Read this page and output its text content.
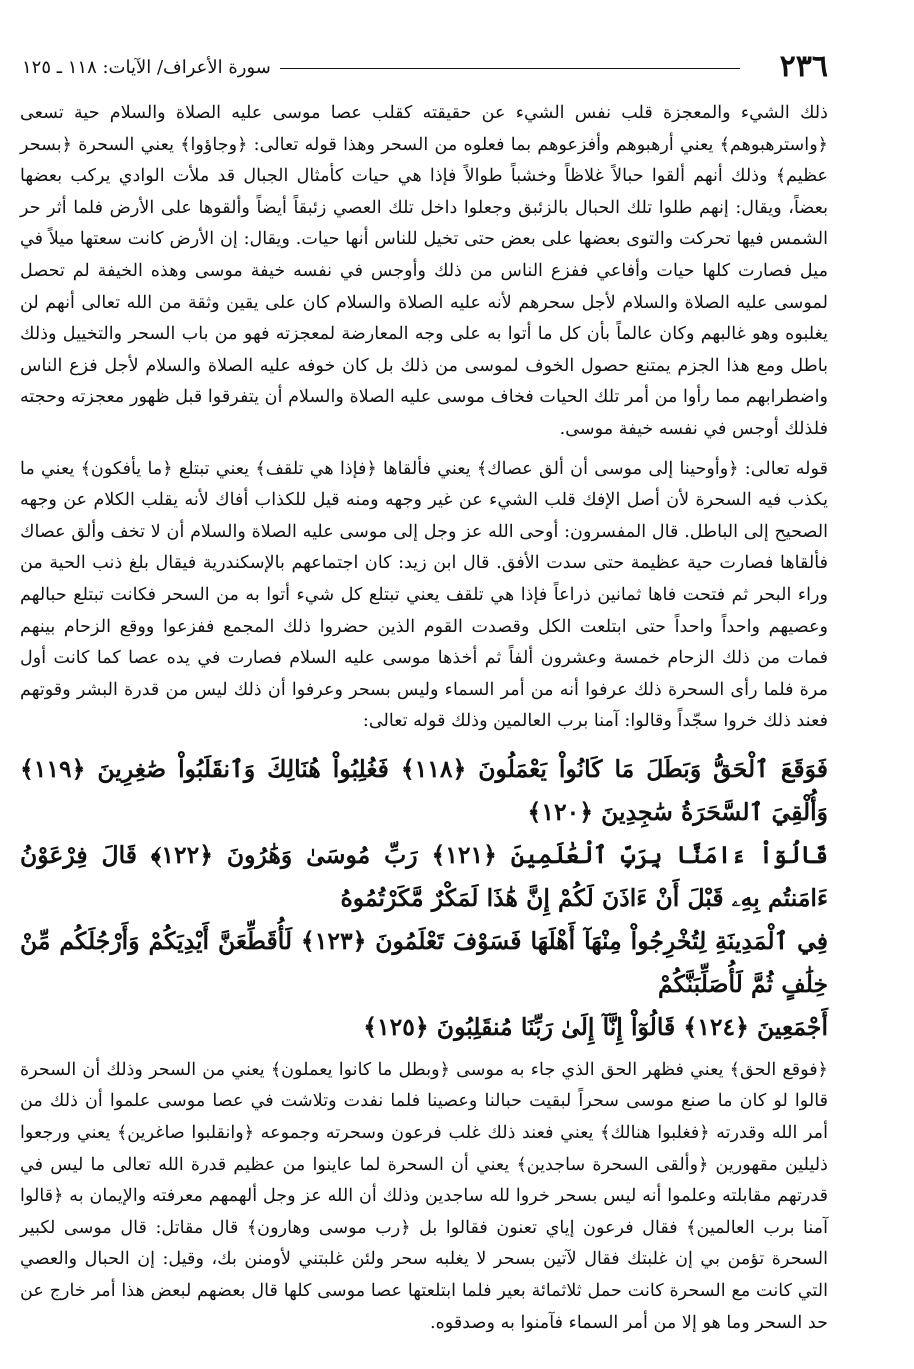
٢٣٦
سورة الأعراف/ الآيات: ١١٨ ـ ١٢٥

ذلك الشيء والمعجزة قلب نفس الشيء عن حقيقته كقلب عصا موسى عليه الصلاة والسلام حية تسعى ﴿واسترهبوهم﴾ يعني أرهبوهم وأفزعوهم بما فعلوه من السحر وهذا قوله تعالى: ﴿وجاؤوا﴾ يعني السحرة ﴿بسحر عظيم﴾ وذلك أنهم ألقوا حبالاً غلاظاً وخشباً طوالاً فإذا هي حيات كأمثال الجبال قد ملأت الوادي يركب بعضها بعضاً، ويقال: إنهم طلوا تلك الحبال بالزئبق وجعلوا داخل تلك العصي زئبقاً أيضاً وألقوها على الأرض فلما أثر حر الشمس فيها تحركت والتوى بعضها على بعض حتى تخيل للناس أنها حيات. ويقال: إن الأرض كانت سعتها ميلاً في ميل فصارت كلها حيات وأفاعي ففزع الناس من ذلك وأوجس في نفسه خيفة موسى وهذه الخيفة لم تحصل لموسى عليه الصلاة والسلام لأجل سحرهم لأنه عليه الصلاة والسلام كان على يقين وثقة من الله تعالى أنهم لن يغلبوه وهو غالبهم وكان عالماً بأن كل ما أتوا به على وجه المعارضة لمعجزته فهو من باب السحر والتخييل وذلك باطل ومع هذا الجزم يمتنع حصول الخوف لموسى من ذلك بل كان خوفه عليه الصلاة والسلام لأجل فزع الناس واضطرابهم مما رأوا من أمر تلك الحيات فخاف موسى عليه الصلاة والسلام أن يتفرقوا قبل ظهور معجزته وحجته فلذلك أوجس في نفسه خيفة موسى.

قوله تعالى: ﴿وأوحينا إلى موسى أن ألق عصاك﴾ يعني فألقاها ﴿فإذا هي تلقف﴾ يعني تبتلع ﴿ما يأفكون﴾ يعني ما يكذب فيه السحرة لأن أصل الإفك قلب الشيء عن غير وجهه ومنه قيل للكذاب أفاك لأنه يقلب الكلام عن وجهه الصحيح إلى الباطل. قال المفسرون: أوحى الله عز وجل إلى موسى عليه الصلاة والسلام أن لا تخف وألق عصاك فألقاها فصارت حية عظيمة حتى سدت الأفق. قال ابن زيد: كان اجتماعهم بالإسكندرية فيقال بلغ ذنب الحية من وراء البحر ثم فتحت فاها ثمانين ذراعاً فإذا هي تلقف يعني تبتلع كل شيء أتوا به من السحر فكانت تبتلع حبالهم وعصيهم واحداً واحداً حتى ابتلعت الكل وقصدت القوم الذين حضروا ذلك المجمع ففزعوا ووقع الزحام بينهم فمات من ذلك الزحام خمسة وعشرون ألفاً ثم أخذها موسى عليه السلام فصارت في يده عصا كما كانت أول مرة فلما رأى السحرة ذلك عرفوا أنه من أمر السماء وليس بسحر وعرفوا أن ذلك ليس من قدرة البشر وقوتهم فعند ذلك خروا سجّداً وقالوا: آمنا برب العالمين وذلك قوله تعالى:

فَوَقَعَ ٱلْحَقُّ وَبَطَلَ مَا كَانُواْ يَعْمَلُونَ ﴿١١٨﴾ فَغُلِبُواْ هُنَالِكَ وَٱنقَلَبُواْ صَٰغِرِينَ ﴿١١٩﴾ وَأُلْقِيَ ٱلسَّحَرَةُ سَٰجِدِينَ ﴿١٢٠﴾
قَالُوٓاْ ءَامَنَّا بِرَبِّ ٱلْعَٰلَمِينَ ﴿١٢١﴾ رَبِّ مُوسَىٰ وَهَٰرُونَ ﴿١٢٢﴾ قَالَ فِرْعَوْنُ ءَامَنتُم بِهِۦ قَبْلَ أَنْ ءَاذَنَ لَكُمْ إِنَّ هَٰذَا لَمَكْرٌ مَّكَرْتُمُوهُ
فِي ٱلْمَدِينَةِ لِتُخْرِجُواْ مِنْهَآ أَهْلَهَا فَسَوْفَ تَعْلَمُونَ ﴿١٢٣﴾ لَأُقَطِّعَنَّ أَيْدِيَكُمْ وَأَرْجُلَكُم مِّنْ خِلَٰفٍ ثُمَّ لَأُصَلِّبَنَّكُمْ
أَجْمَعِينَ ﴿١٢٤﴾ قَالُوٓاْ إِنَّآ إِلَىٰ رَبِّنَا مُنقَلِبُونَ ﴿١٢٥﴾

﴿فوقع الحق﴾ يعني فظهر الحق الذي جاء به موسى ﴿وبطل ما كانوا يعملون﴾ يعني من السحر وذلك أن السحرة قالوا لو كان ما صنع موسى سحراً لبقيت حبالنا وعصينا فلما نفدت وتلاشت في عصا موسى علموا أن ذلك من أمر الله وقدرته ﴿فغلبوا هنالك﴾ يعني فعند ذلك غلب فرعون وسحرته وجموعه ﴿وانقلبوا صاغرين﴾ يعني ورجعوا ذليلين مقهورين ﴿وألقى السحرة ساجدين﴾ يعني أن السحرة لما عاينوا من عظيم قدرة الله تعالى ما ليس في قدرتهم مقابلته وعلموا أنه ليس بسحر خروا لله ساجدين وذلك أن الله عز وجل ألهمهم معرفته والإيمان به ﴿قالوا آمنا برب العالمين﴾ فقال فرعون إياي تعنون فقالوا بل ﴿رب موسى وهارون﴾ قال مقاتل: قال موسى لكبير السحرة تؤمن بي إن غلبتك فقال لآتين بسحر لا يغلبه سحر ولئن غلبتني لأومنن بك، وقيل: إن الحبال والعصي التي كانت مع السحرة كانت حمل ثلاثمائة بعير فلما ابتلعتها عصا موسى كلها قال بعضهم لبعض هذا أمر خارج عن حد السحر وما هو إلا من أمر السماء فآمنوا به وصدقوه.
